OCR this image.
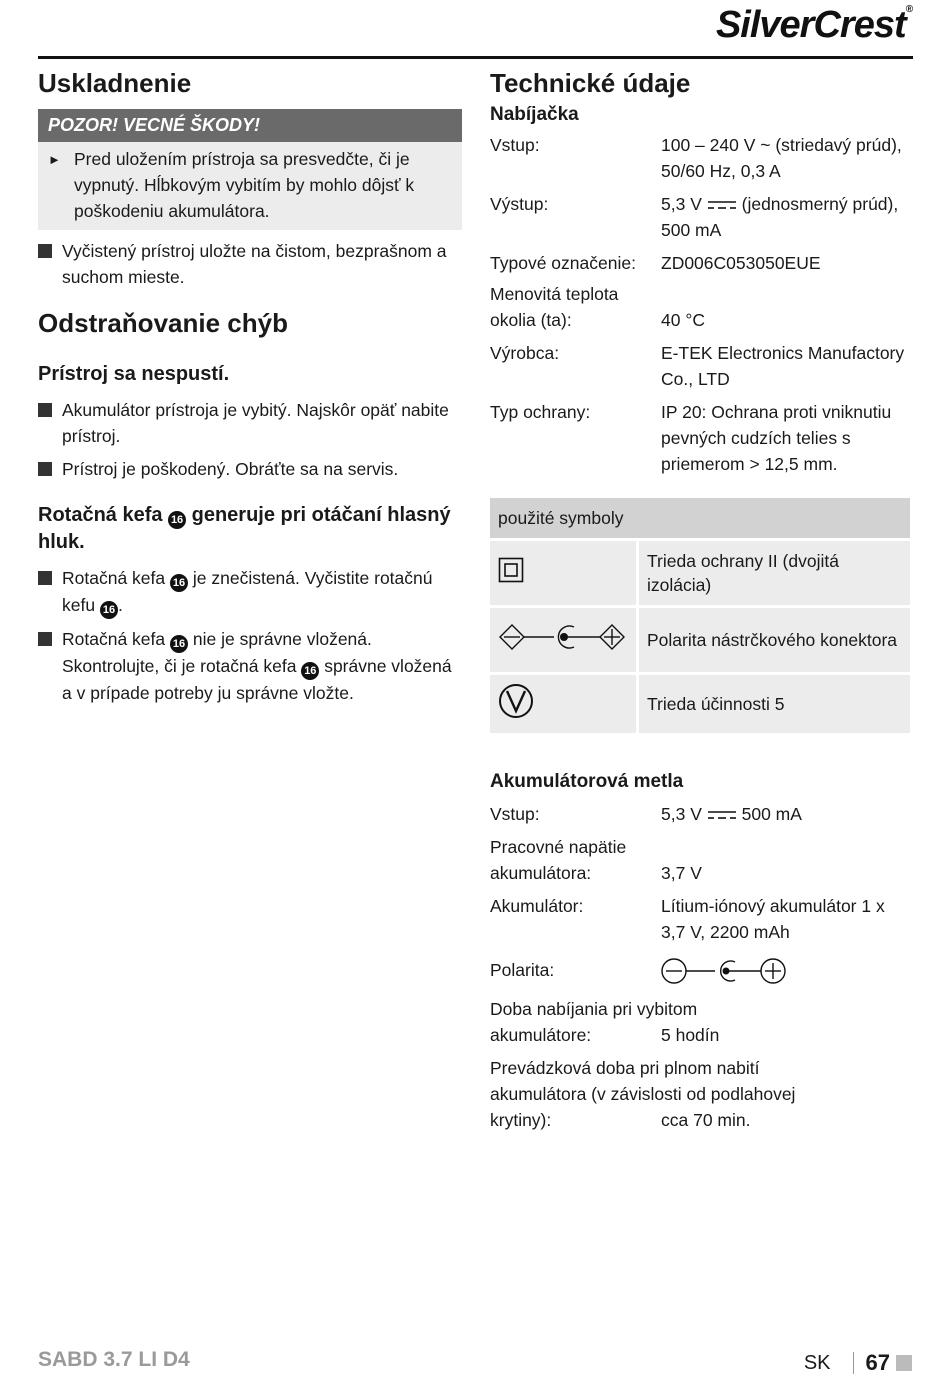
SilverCrest®
Uskladnenie
POZOR! VECNÉ ŠKODY!
► Pred uložením prístroja sa presvedčte, či je vypnutý. Hĺbkovým vybitím by mohlo dôjsť k poškodeniu akumulátora.

Vyčistený prístroj uložte na čistom, bezprašnom a suchom mieste.

Odstraňovanie chýb
Prístroj sa nespustí.

Akumulátor prístroja je vybitý. Najskôr opäť nabite prístroj.

Prístroj je poškodený. Obráťte sa na servis.

Rotačná kefa 16 generuje pri otáčaní hlasný hluk.

Rotačná kefa 16 je znečistená. Vyčistite rotačnú kefu 16 .

Rotačná kefa 16 nie je správne vložená. Skontrolujte, či je rotačná kefa 16 správne vložená a v prípade potreby ju správne vložte.

Technické údaje
Nabíjačka
Vstup:	100 – 240 V ~ (striedavý prúd), 50/60 Hz, 0,3 A
Výstup:	5,3 V (jednosmerný prúd), 500 mA
Typové označenie:	ZD006C053050EUE
Menovitá teplota okolia (ta):	40 °C
Výrobca:	E-TEK Electronics Manufactory Co., LTD
Typ ochrany:	IP 20: Ochrana proti vniknutiu pevných cudzích telies s priemerom > 12,5 mm.
použité symboly	
	Trieda ochrany II (dvojitá izolácia)
	Polarita nástrčkového konektora
	Trieda účinnosti 5
Akumulátorová metla
Vstup:	5,3 V 500 mA
Pracovné napätie akumulátora:	3,7 V
Akumulátor:	Lítium-iónový akumulátor 1 x 3,7 V, 2200 mAh
Polarita:
Doba nabíjania pri vybitom akumulátore:	5 hodín
Prevádzková doba pri plnom nabití akumulátora (v závislosti od podlahovej krytiny):	cca 70 min.
SABD 3.7 LI D4	SK 67
